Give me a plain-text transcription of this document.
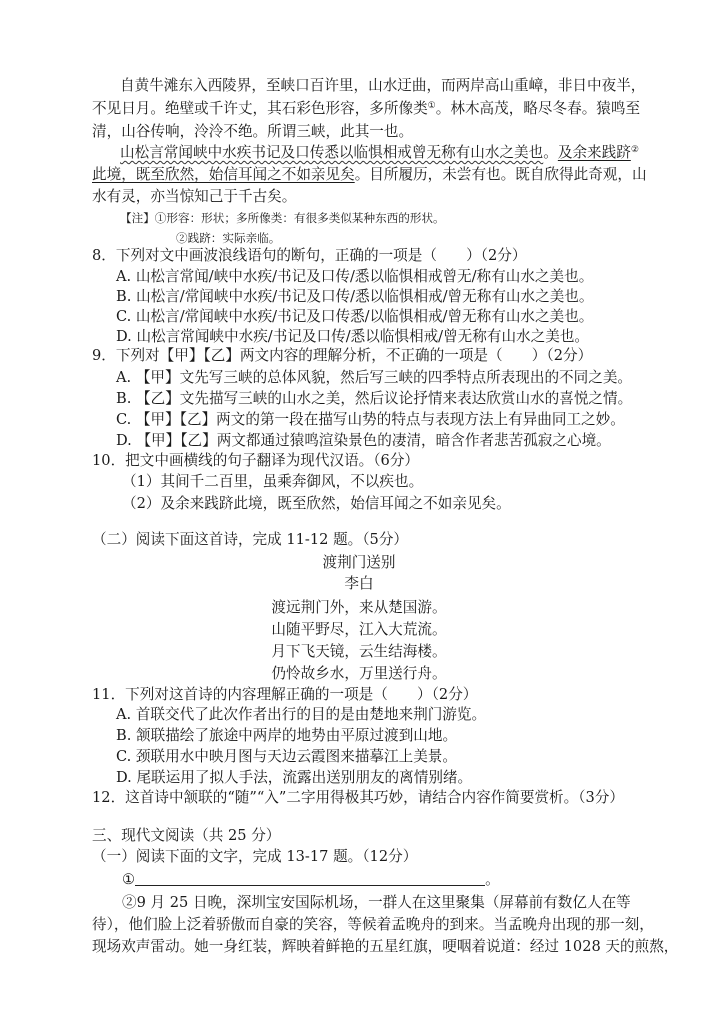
自黄牛滩东入西陵界，至峡口百许里，山水迂曲，而两岸高山重嶂，非日中夜半，
不见日月。绝壁或千许丈，其石彩色形容，多所像类①。林木高茂，略尽冬春。猿鸣至
清，山谷传响，泠泠不绝。所谓三峡，此其一也。
山松言常闻峡中水疾书记及口传悉以临惧相戒曾无称有山水之美也。及余来践跻②
此境，既至欣然，始信耳闻之不如亲见矣。目所履历，未尝有也。既自欣得此奇观，山
水有灵，亦当惊知己于千古矣。
【注】①形容：形状；多所像类：有很多类似某种东西的形状。
②践跻：实际亲临。
8．下列对文中画波浪线语句的断句，正确的一项是（　　）（2分）
A. 山松言常闻/峡中水疾/书记及口传/悉以临惧相戒曾无/称有山水之美也。
B. 山松言/常闻峡中水疾/书记及口传/悉以临惧相戒/曾无称有山水之美也。
C. 山松言/常闻峡中水疾/书记及口传悉/以临惧相戒/曾无称有山水之美也。
D. 山松言常闻峡中水疾/书记及口传/悉以临惧相戒/曾无称有山水之美也。
9．下列对【甲】【乙】两文内容的理解分析，不正确的一项是（　　）（2分）
A. 【甲】文先写三峡的总体风貌，然后写三峡的四季特点所表现出的不同之美。
B. 【乙】文先描写三峡的山水之美，然后议论抒情来表达欣赏山水的喜悦之情。
C. 【甲】【乙】两文的第一段在描写山势的特点与表现方法上有异曲同工之妙。
D. 【甲】【乙】两文都通过猿鸣渲染景色的凄清，暗含作者悲苦孤寂之心境。
10．把文中画横线的句子翻译为现代汉语。（6分）
（1）其间千二百里，虽乘奔御风，不以疾也。
（2）及余来践跻此境，既至欣然，始信耳闻之不如亲见矣。
（二）阅读下面这首诗，完成 11-12 题。（5分）
渡荆门送别
李白
渡远荆门外，来从楚国游。
山随平野尽，江入大荒流。
月下飞天镜，云生结海楼。
仍怜故乡水，万里送行舟。
11．下列对这首诗的内容理解正确的一项是（　　）（2分）
A. 首联交代了此次作者出行的目的是由楚地来荆门游览。
B. 颔联描绘了旅途中两岸的地势由平原过渡到山地。
C. 颈联用水中映月图与天边云霞图来描摹江上美景。
D. 尾联运用了拟人手法，流露出送别朋友的离情别绪。
12．这首诗中颔联的“随”“入”二字用得极其巧妙，请结合内容作简要赏析。（3分）
三、现代文阅读（共 25 分）
（一）阅读下面的文字，完成 13-17 题。（12分）
①	。
②9 月 25 日晚，深圳宝安国际机场，一群人在这里聚集（屏幕前有数亿人在等
待），他们脸上泛着骄傲而自豪的笑容，等候着孟晚舟的到来。当孟晚舟出现的那一刻，
现场欢声雷动。她一身红装，辉映着鲜艳的五星红旗，哽咽着说道：经过 1028 天的煎熬，
